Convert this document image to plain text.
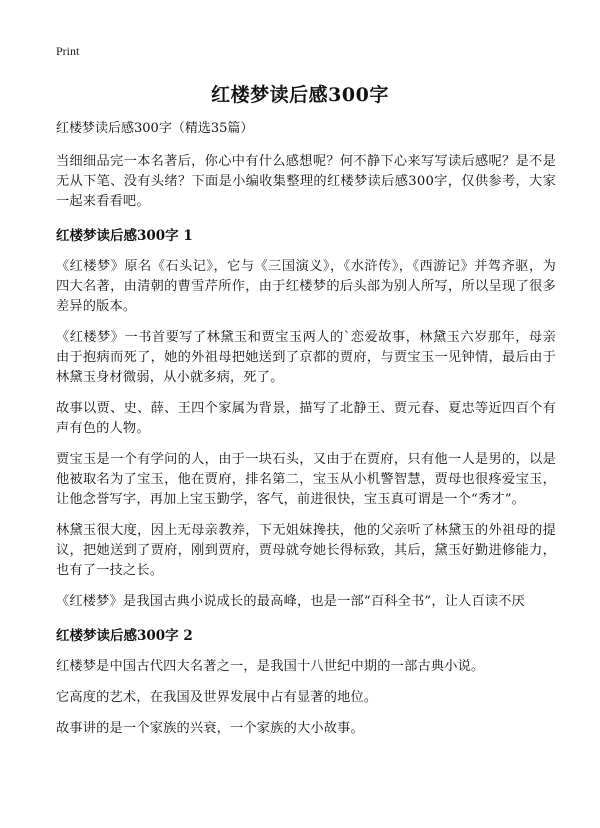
Print
红楼梦读后感300字
红楼梦读后感300字（精选35篇）

当细细品完一本名著后，你心中有什么感想呢？何不静下心来写写读后感呢？是不是无从下笔、没有头绪？下面是小编收集整理的红楼梦读后感300字，仅供参考，大家一起来看看吧。

红楼梦读后感300字 1

《红楼梦》原名《石头记》，它与《三国演义》，《水浒传》，《西游记》并驾齐驱，为四大名著，由清朝的曹雪芹所作，由于红楼梦的后头部为别人所写，所以呈现了很多差异的版本。

《红楼梦》一书首要写了林黛玉和贾宝玉两人的`恋爱故事，林黛玉六岁那年，母亲由于抱病而死了，她的外祖母把她送到了京都的贾府，与贾宝玉一见钟情，最后由于林黛玉身材微弱，从小就多病，死了。

故事以贾、史、薛、王四个家属为背景，描写了北静王、贾元春、夏忠等近四百个有声有色的人物。

贾宝玉是一个有学问的人，由于一块石头，又由于在贾府，只有他一人是男的，以是他被取名为了宝玉，他在贾府，排名第二，宝玉从小机警智慧，贾母也很疼爱宝玉，让他念誉写字，再加上宝玉勤学，客气，前进很快，宝玉真可谓是一个“秀才”。

林黛玉很大度，因上无母亲教养，下无姐妹搀扶，他的父亲听了林黛玉的外祖母的提议，把她送到了贾府，刚到贾府，贾母就夸她长得标致，其后，黛玉好勤进修能力，也有了一技之长。

《红楼梦》是我国古典小说成长的最高峰，也是一部“百科全书”，让人百读不厌

红楼梦读后感300字 2

红楼梦是中国古代四大名著之一，是我国十八世纪中期的一部古典小说。

它高度的艺术，在我国及世界发展中占有显著的地位。

故事讲的是一个家族的兴衰，一个家族的大小故事。
